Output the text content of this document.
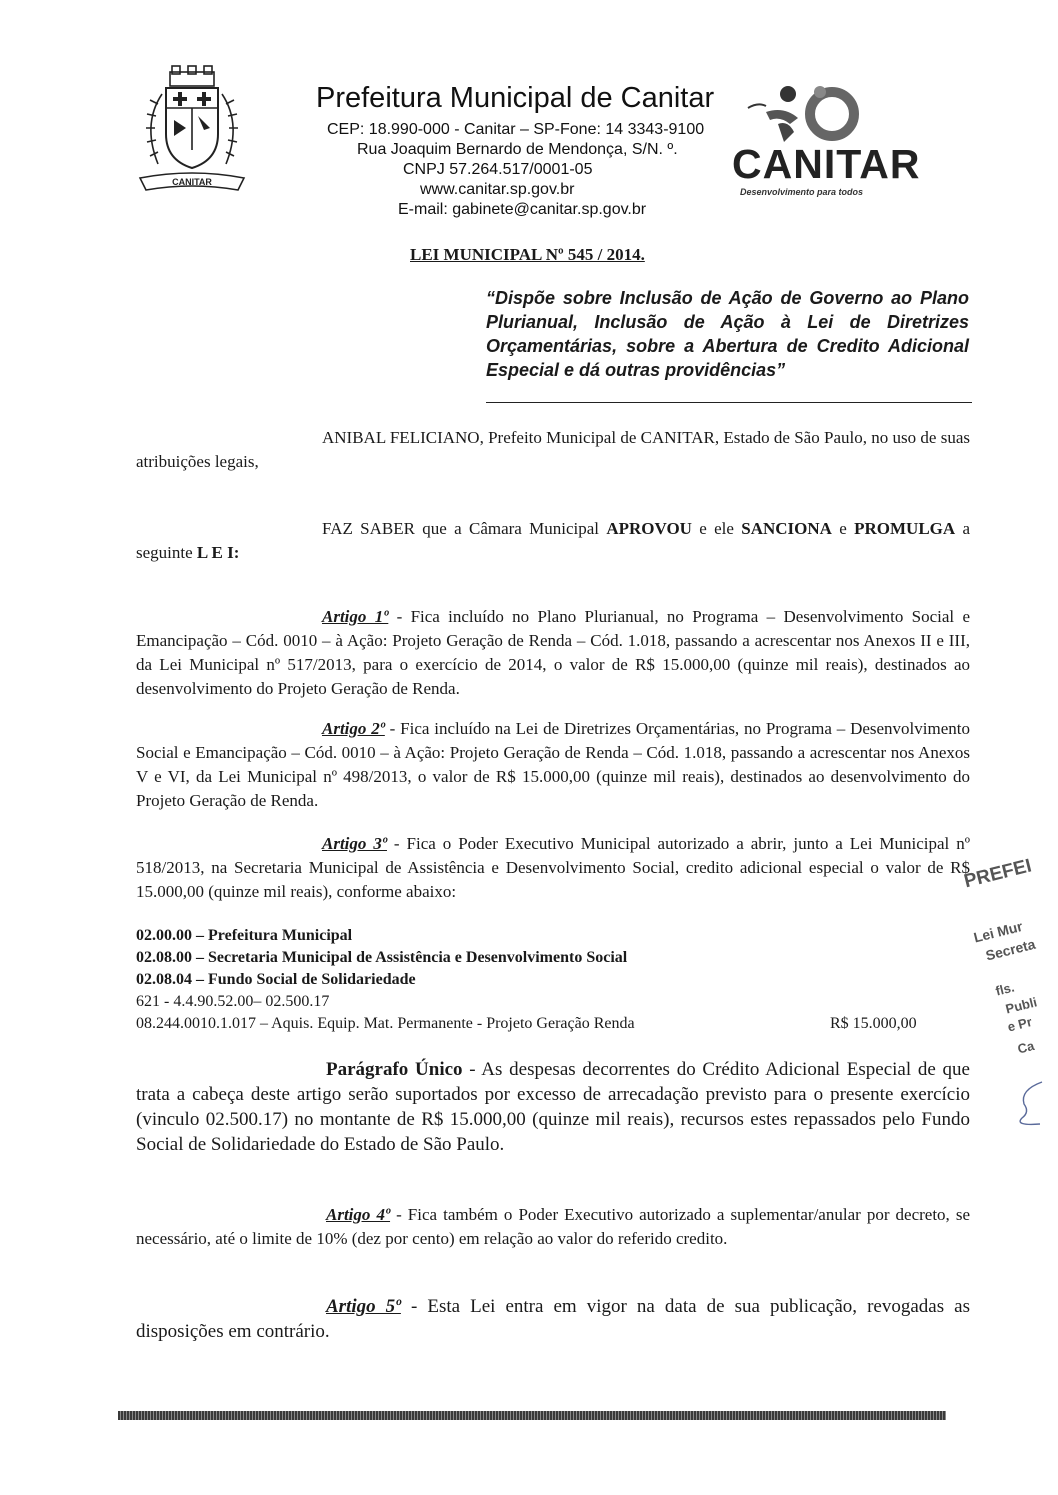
CANITAR
Prefeitura Municipal de Canitar
CEP: 18.990-000 - Canitar – SP-Fone: 14 3343-9100
Rua Joaquim Bernardo de Mendonça, S/N. º.
CNPJ 57.264.517/0001-05
www.canitar.sp.gov.br
E-mail: gabinete@canitar.sp.gov.br
CANITAR
Desenvolvimento para todos
LEI MUNICIPAL Nº 545 / 2014.
“Dispõe sobre Inclusão de Ação de Governo ao Plano Plurianual, Inclusão de Ação à Lei de Diretrizes Orçamentárias, sobre a Abertura de Credito Adicional Especial e dá outras providências”

ANIBAL FELICIANO, Prefeito Municipal de CANITAR, Estado de São Paulo, no uso de suas atribuições legais,

FAZ SABER que a Câmara Municipal APROVOU e ele SANCIONA e PROMULGA a seguinte L E I:

Artigo 1º - Fica incluído no Plano Plurianual, no Programa – Desenvolvimento Social e Emancipação – Cód. 0010 – à Ação: Projeto Geração de Renda – Cód. 1.018, passando a acrescentar nos Anexos II e III, da Lei Municipal nº 517/2013, para o exercício de 2014, o valor de R$ 15.000,00 (quinze mil reais), destinados ao desenvolvimento do Projeto Geração de Renda.

Artigo 2º - Fica incluído na Lei de Diretrizes Orçamentárias, no Programa – Desenvolvimento Social e Emancipação – Cód. 0010 – à Ação: Projeto Geração de Renda – Cód. 1.018, passando a acrescentar nos Anexos V e VI, da Lei Municipal nº 498/2013, o valor de R$ 15.000,00 (quinze mil reais), destinados ao desenvolvimento do Projeto Geração de Renda.

Artigo 3º - Fica o Poder Executivo Municipal autorizado a abrir, junto a Lei Municipal nº 518/2013, na Secretaria Municipal de Assistência e Desenvolvimento Social, credito adicional especial o valor de R$ 15.000,00 (quinze mil reais), conforme abaixo:

02.00.00 – Prefeitura Municipal
02.08.00 – Secretaria Municipal de Assistência e Desenvolvimento Social
02.08.04 – Fundo Social de Solidariedade
621 - 4.4.90.52.00– 02.500.17
08.244.0010.1.017 – Aquis. Equip. Mat. Permanente - Projeto Geração Renda	R$ 15.000,00

Parágrafo Único - As despesas decorrentes do Crédito Adicional Especial de que trata a cabeça deste artigo serão suportados por excesso de arrecadação previsto para o presente exercício (vinculo 02.500.17) no montante de R$ 15.000,00 (quinze mil reais), recursos estes repassados pelo Fundo Social de Solidariedade do Estado de São Paulo.

Artigo 4º - Fica também o Poder Executivo autorizado a suplementar/anular por decreto, se necessário, até o limite de 10% (dez por cento) em relação ao valor do referido credito.

Artigo 5º - Esta Lei entra em vigor na data de sua publicação, revogadas as disposições em contrário.

PREFEI
Lei Mur
Secreta
fls.
Publi
e Pr
Ca
